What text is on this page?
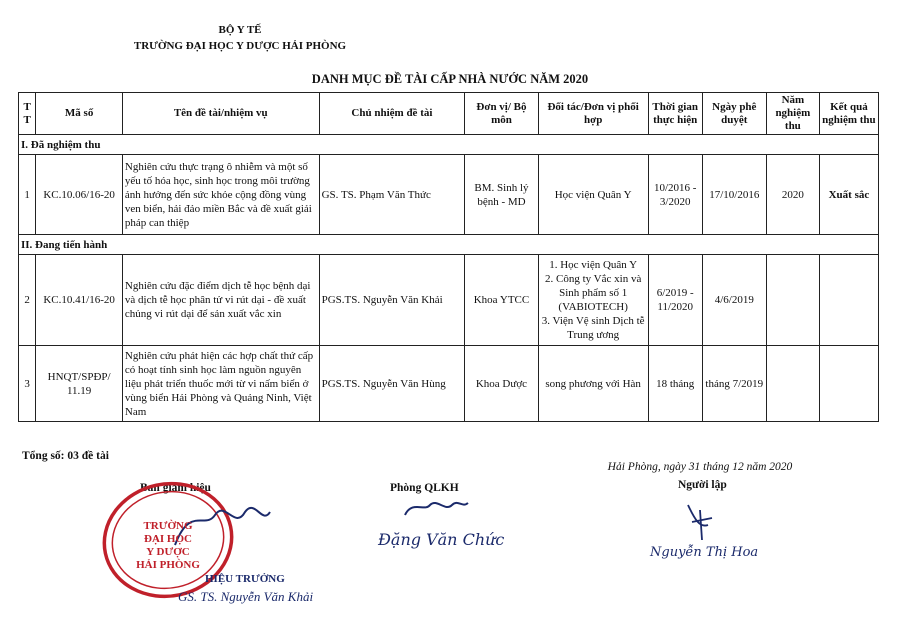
BỘ Y TẾ
TRƯỜNG ĐẠI HỌC Y DƯỢC HẢI PHÒNG
DANH MỤC ĐỀ TÀI CẤP NHÀ NƯỚC NĂM 2020
T T	Mã số	Tên đề tài/nhiệm vụ	Chủ nhiệm đề tài	Đơn vị/ Bộ môn	Đối tác/Đơn vị phối hợp	Thời gian thực hiện	Ngày phê duyệt	Năm nghiệm thu	Kết quả nghiệm thu
I. Đã nghiệm thu									
1	KC.10.06/16-20	Nghiên cứu thực trạng ô nhiễm và một số yếu tố hóa học, sinh học trong môi trường ảnh hưởng đến sức khỏe cộng đồng vùng ven biển, hải đảo miền Bắc và đề xuất giải pháp can thiệp	GS. TS. Phạm Văn Thức	BM. Sinh lý bệnh - MD	Học viện Quân Y	10/2016 - 3/2020	17/10/2016	2020	Xuất sắc
II. Đang tiến hành									
2	KC.10.41/16-20	Nghiên cứu đặc điểm dịch tễ học bệnh dại và dịch tễ học phân tử vi rút dại - đề xuất chủng vi rút dại để sản xuất vắc xin	PGS.TS. Nguyễn Văn Khải	Khoa YTCC	1. Học viện Quân Y
2. Công ty Vắc xin và Sinh phẩm số 1 (VABIOTECH)
3. Viện Vệ sinh Dịch tễ Trung ương	6/2019 - 11/2020	4/6/2019		
3	HNQT/SPĐP/ 11.19	Nghiên cứu phát hiện các hợp chất thứ cấp có hoạt tính sinh học làm nguồn nguyên liệu phát triển thuốc mới từ vi nấm biển ở vùng biển Hải Phòng và Quảng Ninh, Việt Nam	PGS.TS. Nguyễn Văn Hùng	Khoa Dược	song phương với Hàn	18 tháng	tháng 7/2019		
Tổng số: 03 đề tài
Hải Phòng, ngày 31 tháng 12 năm 2020
Ban giám hiệu	Phòng QLKH	Người lập
TRƯỜNG
ĐẠI HỌC
Y DƯỢC
HẢI PHÒNG
HIỆU TRƯỞNG
GS. TS. Nguyễn Văn Khải
Đặng Văn Chức
Nguyễn Thị Hoa
